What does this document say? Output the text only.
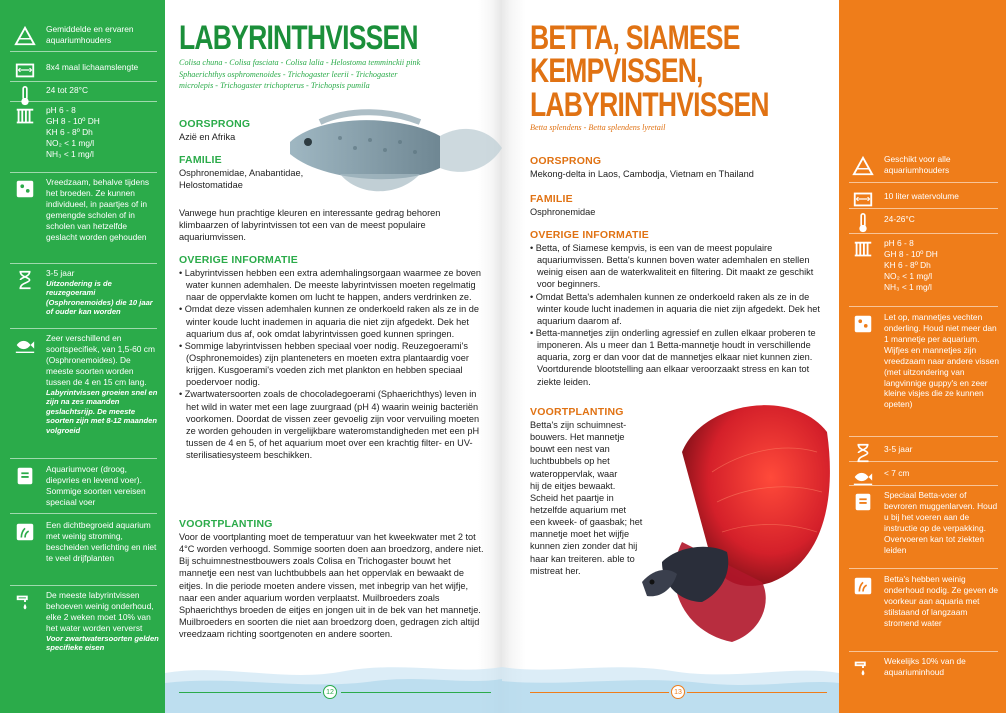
Gemiddelde en ervaren aquariumhouders
8x4 maal lichaamslengte
24 tot 28°C
pH 6 - 8
GH 8 - 10º DH
KH 6 - 8º Dh
NO₂ < 1 mg/l
NH₃ < 1 mg/l
Vreedzaam, behalve tijdens het broeden. Ze kunnen individueel, in paartjes of in gemengde scholen of in scholen van hetzelfde geslacht worden gehouden
3-5 jaar
Uitzondering is de reuzegoerami (Osphronemoides) die 10 jaar of ouder kan worden
Zeer verschillend en soortspecifiek, van 1,5-60 cm (Osphronemoides). De meeste soorten worden tussen de 4 en 15 cm lang.
Labyrintvissen groeien snel en zijn na zes maanden geslachtsrijp. De meeste soorten zijn met 8-12 maanden volgroeid
Aquariumvoer (droog, diepvries en levend voer). Sommige soorten vereisen speciaal voer
Een dichtbegroeid aquarium met weinig stroming, bescheiden verlichting en niet te veel drijfplanten
De meeste labyrintvissen behoeven weinig onderhoud, elke 2 weken moet 10% van het water worden ververst
Voor zwartwatersoorten gelden specifieke eisen
LABYRINTHVISSEN
Colisa chuna - Colisa fasciata - Colisa lalia - Helostoma temminckii pink
Sphaerichthys osphromenoides - Trichogaster leerii - Trichogaster
microlepis - Trichogaster trichopterus - Trichopsis pumila
OORSPRONG
Azië en Afrika
FAMILIE
Osphronemidae, Anabantidae,
Helostomatidae
Vanwege hun prachtige kleuren en interessante gedrag behoren klimbaarzen of labyrintvissen tot een van de meest populaire aquariumvissen.
OVERIGE INFORMATIE
• Labyrintvissen hebben een extra ademhalingsorgaan waarmee ze boven water kunnen ademhalen. De meeste labyrintvissen moeten regelmatig naar de oppervlakte komen om lucht te happen, anders verdrinken ze.
• Omdat deze vissen ademhalen kunnen ze onderkoeld raken als ze in de winter koude lucht inademen in aquaria die niet zijn afgedekt. Dek het aquarium dus af, ook omdat labyrintvissen goed kunnen springen.
• Sommige labyrintvissen hebben speciaal voer nodig. Reuzegoerami's (Osphronemoides) zijn planteneters en moeten extra plantaardig voer krijgen. Kusgoerami's voeden zich met plankton en hebben speciaal poedervoer nodig.
• Zwartwatersoorten zoals de chocoladegoerami (Sphaerichthys) leven in het wild in water met een lage zuurgraad (pH 4) waarin weinig bacteriën voorkomen. Doordat de vissen zeer gevoelig zijn voor vervuiling moeten ze worden gehouden in vergelijkbare wateromstandigheden met een pH tussen de 4 en 5, of het aquarium moet over een krachtig filter- en UV-sterilisatiesysteem beschikken.
VOORTPLANTING
Voor de voortplanting moet de temperatuur van het kweekwater met 2 tot 4°C worden verhoogd. Sommige soorten doen aan broedzorg, andere niet. Bij schuimnestnestbouwers zoals Colisa en Trichogaster bouwt het mannetje een nest van luchtbubbels aan het oppervlak en bewaakt de eitjes. In die periode moeten andere vissen, met inbegrip van het wijfje, naar een ander aquarium worden verplaatst. Muilbroeders zoals Sphaerichthys broeden de eitjes en jongen uit in de bek van het mannetje. Muilbroeders en soorten die niet aan broedzorg doen, gedragen zich altijd vreedzaam richting soortgenoten en andere soorten.
12
BETTA, SIAMESE
KEMPVISSEN,
LABYRINTHVISSEN
Betta splendens - Betta splendens lyretail
OORSPRONG
Mekong-delta in Laos, Cambodja, Vietnam en Thailand
FAMILIE
Osphronemidae
OVERIGE INFORMATIE
• Betta, of Siamese kempvis, is een van de meest populaire aquariumvissen. Betta's kunnen boven water ademhalen en stellen weinig eisen aan de waterkwaliteit en filtering. Dit maakt ze geschikt voor beginners.
• Omdat Betta's ademhalen kunnen ze onderkoeld raken als ze in de winter koude lucht inademen in aquaria die niet zijn afgedekt. Dek het aquarium daarom af.
• Betta-mannetjes zijn onderling agressief en zullen elkaar proberen te imponeren. Als u meer dan 1 Betta-mannetje houdt in verschillende aquaria, zorg er dan voor dat de mannetjes elkaar niet kunnen zien. Voortdurende blootstelling aan elkaar veroorzaakt stress en kan tot ziekte leiden.
VOORTPLANTING
Betta's zijn schuimnest-
bouwers. Het mannetje
bouwt een nest van
luchtbubbels op het
wateroppervlak, waar
hij de eitjes bewaakt.
Scheid het paartje in
hetzelfde aquarium met
een kweek- of gaasbak; het
mannetje moet het wijfje
kunnen zien zonder dat hij
haar kan treiteren. able to
mistreat her.
13
Geschikt voor alle aquariumhouders
10 liter watervolume
24-26°C
pH 6 - 8
GH 8 - 10º DH
KH 6 - 8º Dh
NO₂ < 1 mg/l
NH₃ < 1 mg/l
Let op, mannetjes vechten onderling. Houd niet meer dan 1 mannetje per aquarium. Wijfjes en mannetjes zijn vreedzaam naar andere vissen (met uitzondering van langvinnige guppy's en zeer kleine visjes die ze kunnen opeten)
3-5 jaar
< 7 cm
Speciaal Betta-voer of bevroren muggenlarven. Houd u bij het voeren aan de instructie op de verpakking. Overvoeren kan tot ziekten leiden
Betta's hebben weinig onderhoud nodig. Ze geven de voorkeur aan aquaria met stilstaand of langzaam stromend water
Wekelijks 10% van de aquariuminhoud
